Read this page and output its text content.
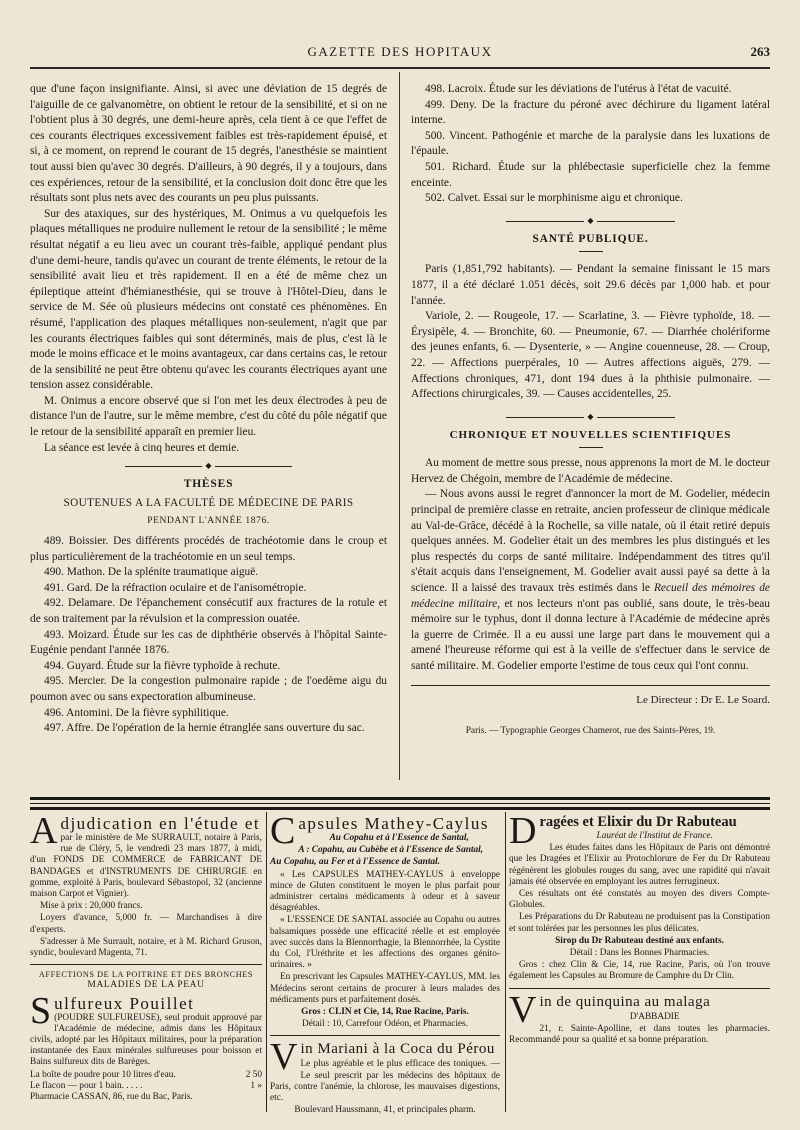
GAZETTE DES HOPITAUX	263

que d'une façon insignifiante. Ainsi, si avec une déviation de 15 degrés de l'aiguille de ce galvanomètre, on obtient le retour de la sensibilité, et si on ne l'obtient plus à 30 degrés, une demi-heure après, cela tient à ce que l'effet de ces courants électriques excessivement faibles est très-rapidement épuisé, et si, à ce moment, on reprend le courant de 15 degrés, l'anesthésie se maintient tout aussi bien qu'avec 30 degrés. D'ailleurs, à 90 degrés, il y a toujours, dans ces expériences, retour de la sensibilité, et la conclusion doit donc être que les résultats sont plus nets avec des courants un peu plus puissants.

Sur des ataxiques, sur des hystériques, M. Onimus a vu quelquefois les plaques métalliques ne produire nullement le retour de la sensibilité ; le même résultat négatif a eu lieu avec un courant très-faible, appliqué pendant plus d'une demi-heure, tandis qu'avec un courant de trente éléments, le retour de la sensibilité avait lieu et très rapidement. Il en a été de même chez un épileptique atteint d'hémianesthésie, qui se trouve à l'Hôtel-Dieu, dans le service de M. Sée où plusieurs médecins ont constaté ces phénomènes. En résumé, l'application des plaques métalliques non-seulement, n'agit que par les courants électriques faibles qui sont déterminés, mais de plus, c'est là le mode le moins efficace et le moins avantageux, car dans certains cas, le retour de la sensibilité ne peut être obtenu qu'avec les courants électriques ayant une tension assez considérable.

M. Onimus a encore observé que si l'on met les deux électrodes à peu de distance l'un de l'autre, sur le même membre, c'est du côté du pôle négatif que le retour de la sensibilité apparaît en premier lieu.

La séance est levée à cinq heures et demie.

◆
THÈSES
SOUTENUES A LA FACULTÉ DE MÉDECINE DE PARIS
PENDANT L'ANNÉE 1876.
489. Boissier. Des différents procédés de trachéotomie dans le croup et plus particulièrement de la trachéotomie en un seul temps.
490. Mathon. De la splénite traumatique aiguë.
491. Gard. De la réfraction oculaire et de l'anisométropie.
492. Delamare. De l'épanchement consécutif aux fractures de la rotule et de son traitement par la révulsion et la compression ouatée.
493. Moizard. Étude sur les cas de diphthérie observés à l'hôpital Sainte-Eugénie pendant l'année 1876.
494. Guyard. Étude sur la fièvre typhoïde à rechute.
495. Mercier. De la congestion pulmonaire rapide ; de l'oedème aigu du poumon avec ou sans expectoration albumineuse.
496. Antomini. De la fièvre syphilitique.
497. Affre. De l'opération de la hernie étranglée sans ouverture du sac.
498. Lacroix. Étude sur les déviations de l'utérus à l'état de vacuité.
499. Deny. De la fracture du péroné avec déchirure du ligament latéral interne.
500. Vincent. Pathogénie et marche de la paralysie dans les luxations de l'épaule.
501. Richard. Étude sur la phlébectasie superficielle chez la femme enceinte.
502. Calvet. Essai sur le morphinisme aigu et chronique.
◆
SANTÉ PUBLIQUE.

Paris (1,851,792 habitants). — Pendant la semaine finissant le 15 mars 1877, il a été déclaré 1.051 décès, soit 29.6 décès par 1,000 hab. et pour l'année.

Variole, 2. — Rougeole, 17. — Scarlatine, 3. — Fièvre typhoïde, 18. — Érysipèle, 4. — Bronchite, 60. — Pneumonie, 67. — Diarrhée cholériforme des jeunes enfants, 6. — Dysenterie, » — Angine couenneuse, 28. — Croup, 22. — Affections puerpérales, 10 — Autres affections aiguës, 279. — Affections chroniques, 471, dont 194 dues à la phthisie pulmonaire. — Affections chirurgicales, 39. — Causes accidentelles, 25.

◆
CHRONIQUE ET NOUVELLES SCIENTIFIQUES

Au moment de mettre sous presse, nous apprenons la mort de M. le docteur Hervez de Chégoin, membre de l'Académie de médecine.

— Nous avons aussi le regret d'annoncer la mort de M. Godelier, médecin principal de première classe en retraite, ancien professeur de clinique médicale au Val-de-Grâce, décédé à la Rochelle, sa ville natale, où il était retiré depuis quelques années. M. Godelier était un des membres les plus distingués et les plus respectés du corps de santé militaire. Indépendamment des titres qu'il s'était acquis dans l'enseignement, M. Godelier avait aussi payé sa dette à la science. Il a laissé des travaux très estimés dans le Recueil des mémoires de médecine militaire, et nos lecteurs n'ont pas oublié, sans doute, le très-beau mémoire sur le typhus, dont il donna lecture à l'Académie de médecine après la guerre de Crimée. Il a eu aussi une large part dans le mouvement qui a amené l'heureuse réforme qui est à la veille de s'effectuer dans le service de santé militaire. M. Godelier emporte l'estime de tous ceux qui l'ont connu.

Le Directeur : Dr E. Le Soard.
Paris. — Typographie Georges Chamerot, rue des Saints-Pères, 19.
A djudication en l'étude et

par le ministère de Me SURRAULT, notaire à Paris, rue de Cléry, 5, le vendredi 23 mars 1877, à midi, d'un FONDS DE COMMERCE de FABRICANT DE BANDAGES et d'INSTRUMENTS DE CHIRURGIE en gomme, exploité à Paris, boulevard Sébastopol, 32 (ancienne maison Carpot et Vignier).

Mise à prix : 20,000 francs.

Loyers d'avance, 5,000 fr. — Marchandises à dire d'experts.

S'adresser à Me Surrault, notaire, et à M. Richard Gruson, syndic, boulevard Magenta, 71.

AFFECTIONS DE LA POITRINE ET DES BRONCHES
MALADIES DE LA PEAU
S ulfureux Pouillet

(POUDRE SULFUREUSE), seul produit approuvé par l'Académie de médecine, admis dans les Hôpitaux civils, adopté par les Hôpitaux militaires, pour la préparation instantanée des Eaux minérales sulfureuses pour boisson et Bains sulfureux dits de Barèges.

La boîte de poudre pour 10 litres d'eau.	2 50
Le flacon — pour 1 bain. . . . .	1 »

Pharmacie CASSAN, 86, rue du Bac, Paris.

C apsules Mathey-Caylus

Au Copahu et à l'Essence de Santal,

A : Copahu, au Cubèbe et à l'Essence de Santal,

Au Copahu, au Fer et à l'Essence de Santal.

« Les CAPSULES MATHEY-CAYLUS à enveloppe mince de Gluten constituent le moyen le plus parfait pour administrer certains médicaments à odeur et à saveur désagréables.

« L'ESSENCE DE SANTAL associée au Copahu ou autres balsamiques possède une efficacité réelle et est employée avec succès dans la Blennorrhagie, la Blennorrhée, la Cystite du Col, l'Uréthrite et les affections des organes génito-urinaires. »

En prescrivant les Capsules MATHEY-CAYLUS, MM. les Médecins seront certains de procurer à leurs malades des médicaments purs et parfaitement dosés.

Gros : CLIN et Cie, 14, Rue Racine, Paris.

Détail : 10, Carrefour Odéon, et Pharmacies.

V in Mariani à la Coca du Pérou

Le plus agréable et le plus efficace des toniques. — Le seul prescrit par les médecins des hôpitaux de Paris, contre l'anémie, la chlorose, les mauvaises digestions, etc.

Boulevard Haussmann, 41, et principales pharm.

D ragées et Elixir du Dr Rabuteau

Lauréat de l'Institut de France.

Les études faites dans les Hôpitaux de Paris ont démontré que les Dragées et l'Elixir au Protochlorure de Fer du Dr Rabuteau régénèrent les globules rouges du sang, avec une rapidité qui n'avait jamais été observée en employant les autres ferrugineux.

Ces résultats ont été constatés au moyen des divers Compte-Globules.

Les Préparations du Dr Rabuteau ne produisent pas la Constipation et sont tolérées par les personnes les plus délicates.

Sirop du Dr Rabuteau destiné aux enfants.

Détail : Dans les Bonnes Pharmacies.

Gros : chez Clin & Cie, 14, rue Racine, Paris, où l'on trouve également les Capsules au Bromure de Camphre du Dr Clin.

V in de quinquina au malaga

D'ABBADIE

21, r. Sainte-Apolline, et dans toutes les pharmacies. Recommandé pour sa qualité et sa bonne préparation.
